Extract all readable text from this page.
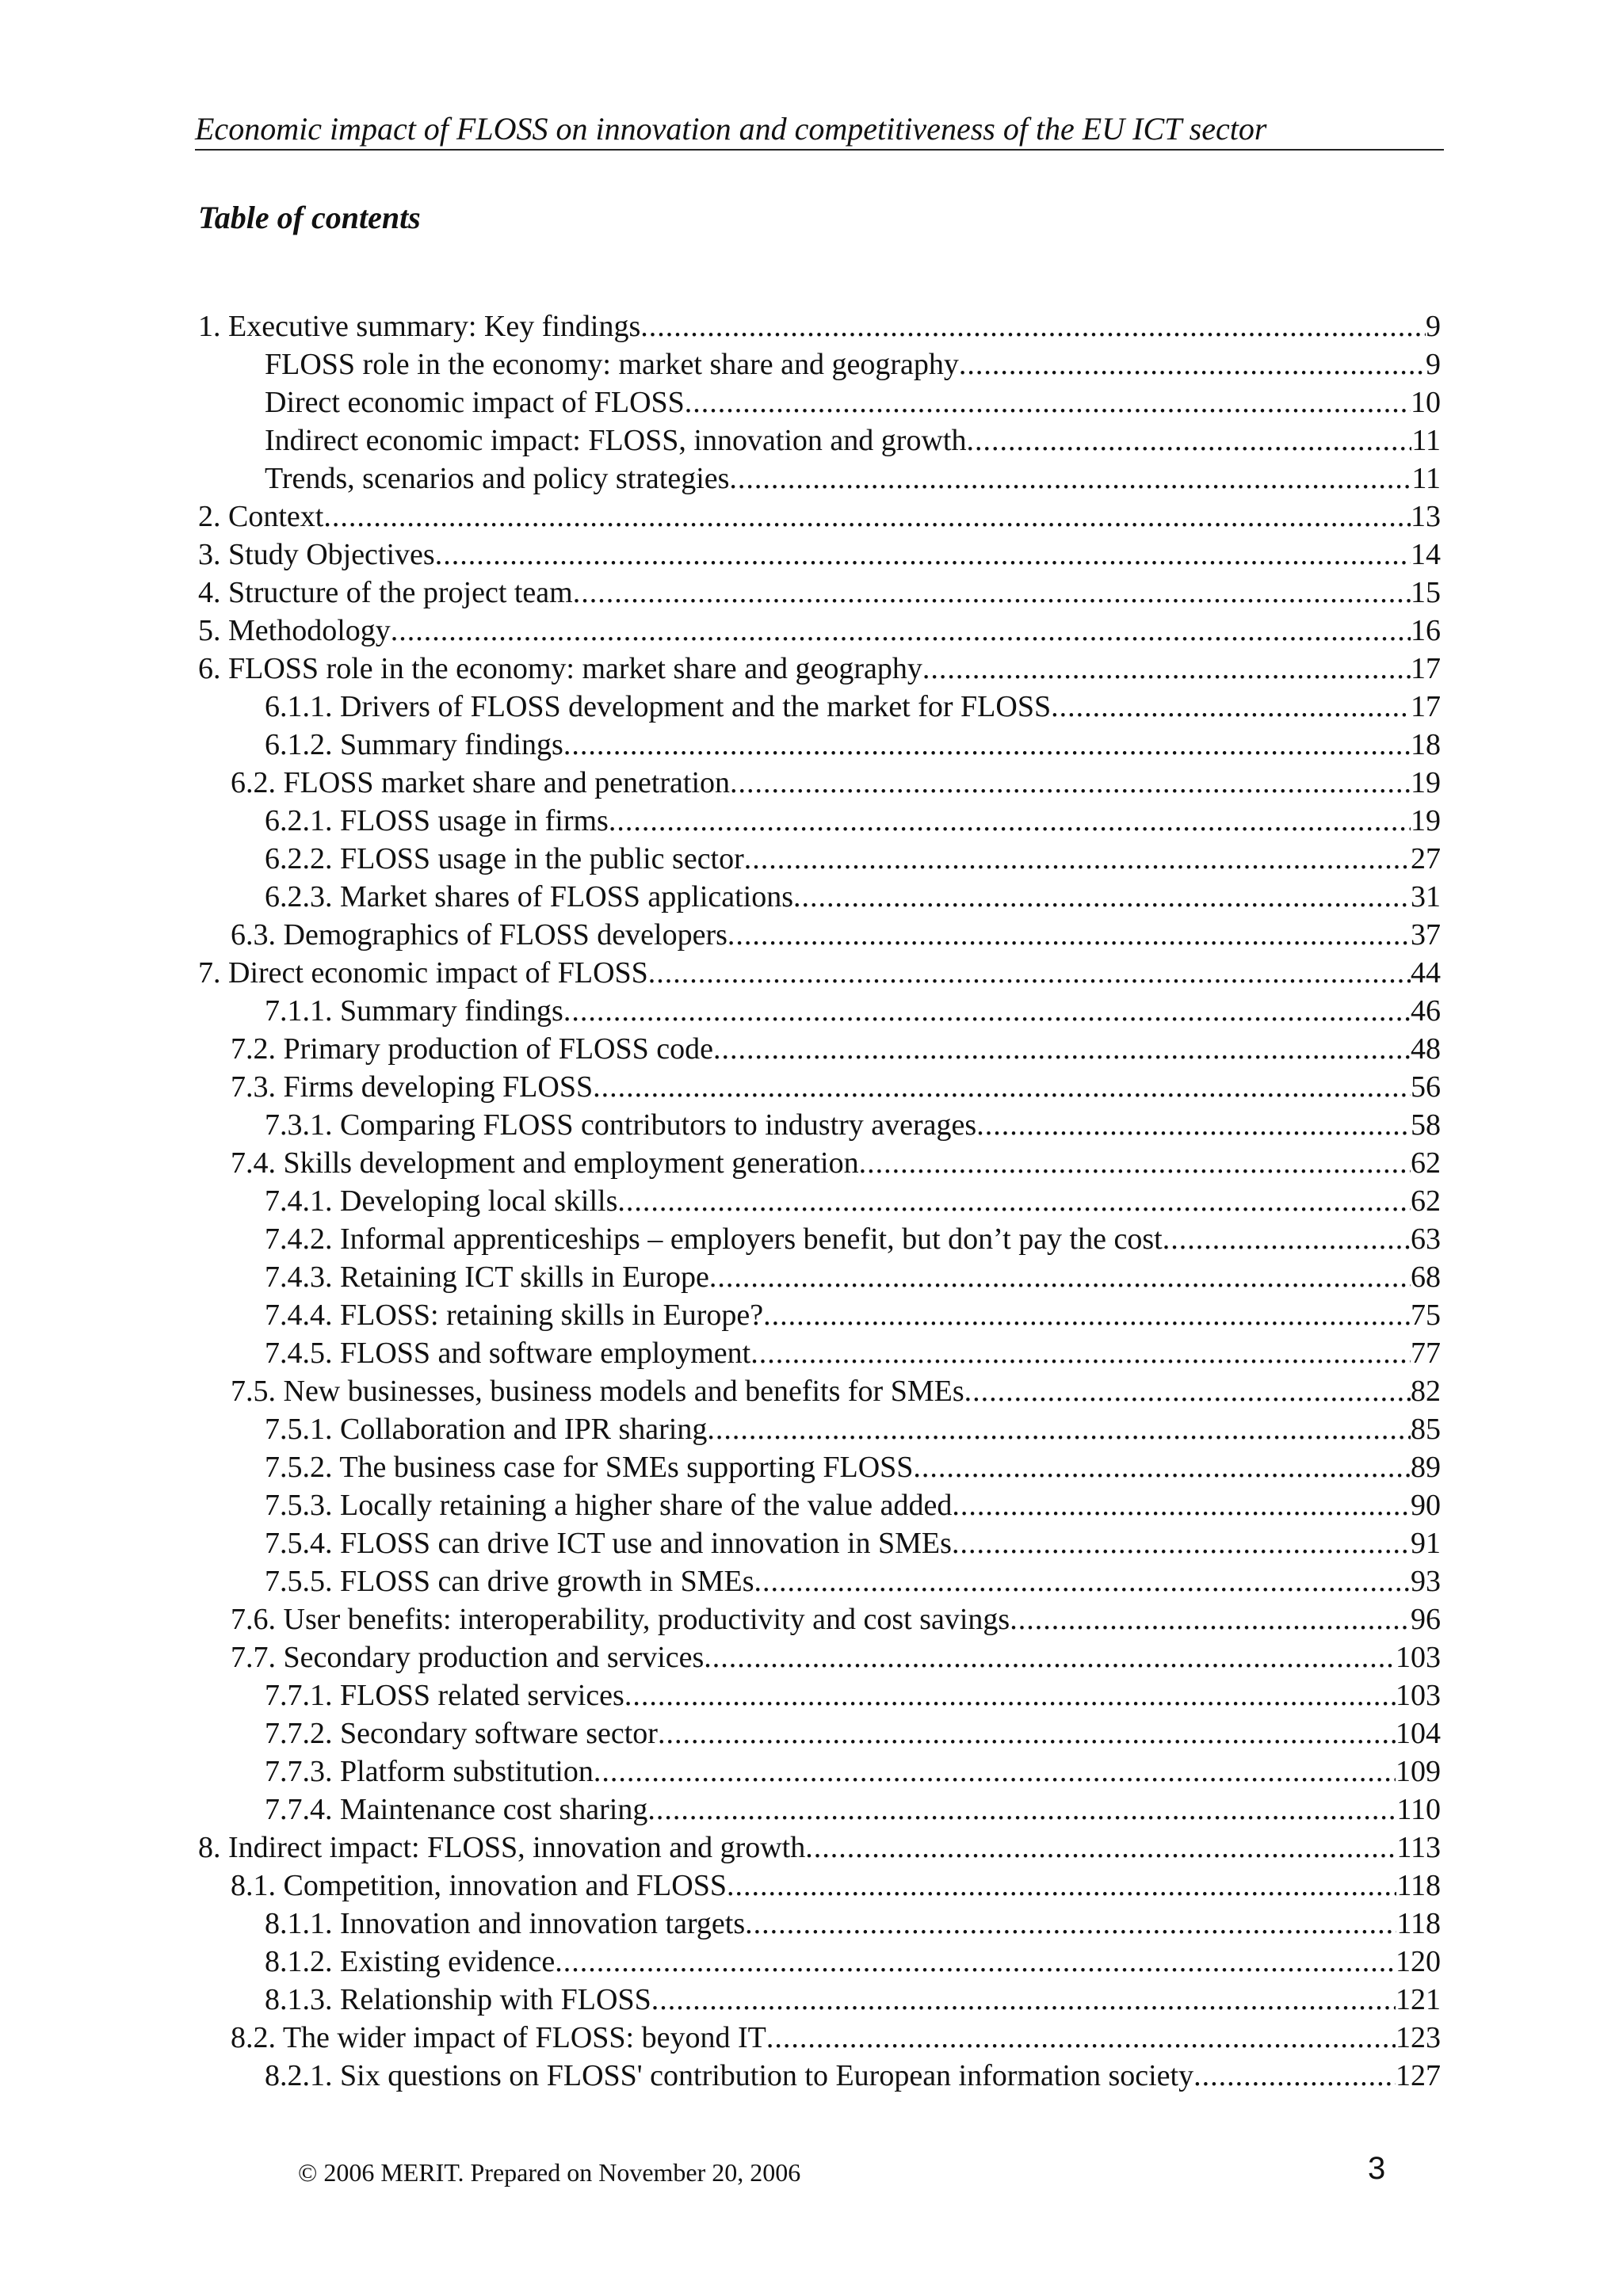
Economic impact of FLOSS on innovation and competitiveness of the EU ICT sector
Table of contents
1. Executive summary: Key findings .....	9
FLOSS role in the economy: market share and geography .....	9
Direct economic impact of FLOSS .....	10
Indirect economic impact: FLOSS, innovation and growth .....	11
Trends, scenarios and policy strategies .....	11
2. Context .....	13
3. Study Objectives .....	14
4. Structure of the project team .....	15
5. Methodology .....	16
6. FLOSS role in the economy: market share and geography .....	17
6.1.1. Drivers of FLOSS development and the market for FLOSS .....	17
6.1.2. Summary findings .....	18
6.2. FLOSS market share and penetration .....	19
6.2.1. FLOSS usage in firms .....	19
6.2.2. FLOSS usage in the public sector .....	27
6.2.3. Market shares of FLOSS applications .....	31
6.3. Demographics of FLOSS developers .....	37
7. Direct economic impact of FLOSS .....	44
7.1.1. Summary findings .....	46
7.2. Primary production of FLOSS code .....	48
7.3. Firms developing FLOSS .....	56
7.3.1. Comparing FLOSS contributors to industry averages .....	58
7.4. Skills development and employment generation .....	62
7.4.1. Developing local skills .....	62
7.4.2. Informal apprenticeships – employers benefit, but don’t pay the cost .....	63
7.4.3. Retaining ICT skills in Europe .....	68
7.4.4. FLOSS: retaining skills in Europe? .....	75
7.4.5. FLOSS and software employment .....	77
7.5. New businesses, business models and benefits for SMEs .....	82
7.5.1. Collaboration and IPR sharing .....	85
7.5.2. The business case for SMEs supporting FLOSS .....	89
7.5.3. Locally retaining a higher share of the value added .....	90
7.5.4. FLOSS can drive ICT use and innovation in SMEs .....	91
7.5.5. FLOSS can drive growth in SMEs .....	93
7.6. User benefits: interoperability, productivity and cost savings .....	96
7.7. Secondary production and services .....	103
7.7.1. FLOSS related services .....	103
7.7.2. Secondary software sector .....	104
7.7.3. Platform substitution .....	109
7.7.4. Maintenance cost sharing .....	110
8. Indirect impact: FLOSS, innovation and growth .....	113
8.1. Competition, innovation and FLOSS .....	118
8.1.1. Innovation and innovation targets .....	118
8.1.2. Existing evidence .....	120
8.1.3. Relationship with FLOSS .....	121
8.2. The wider impact of FLOSS: beyond IT .....	123
8.2.1. Six questions on FLOSS' contribution to European information society .....	127
© 2006 MERIT. Prepared on November 20, 2006	3
